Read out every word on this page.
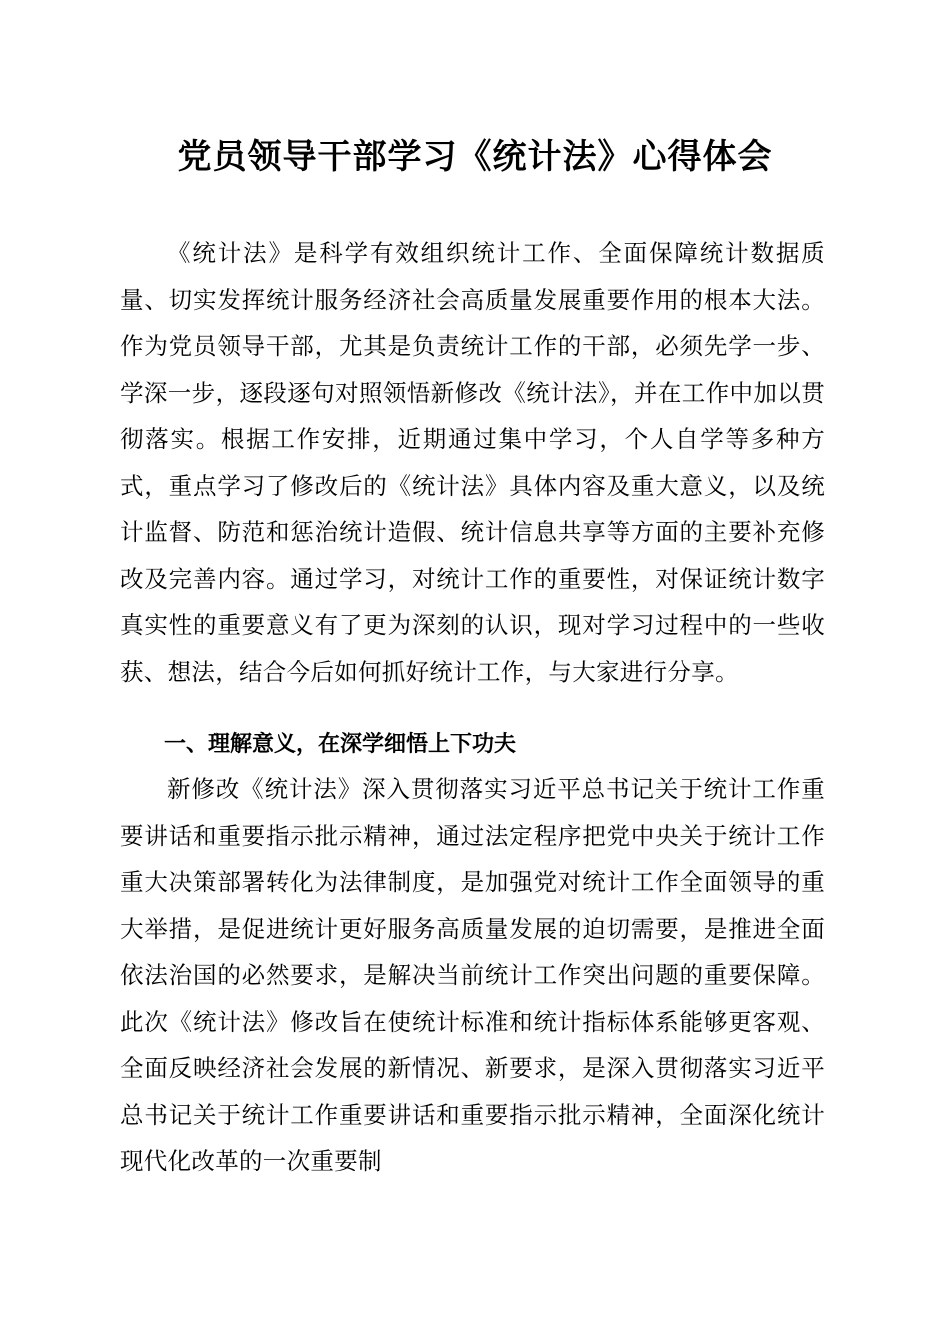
党员领导干部学习《统计法》心得体会

《统计法》是科学有效组织统计工作、全面保障统计数据质量、切实发挥统计服务经济社会高质量发展重要作用的根本大法。作为党员领导干部，尤其是负责统计工作的干部，必须先学一步、学深一步，逐段逐句对照领悟新修改《统计法》，并在工作中加以贯彻落实。根据工作安排，近期通过集中学习，个人自学等多种方式，重点学习了修改后的《统计法》具体内容及重大意义，以及统计监督、防范和惩治统计造假、统计信息共享等方面的主要补充修改及完善内容。通过学习，对统计工作的重要性，对保证统计数字真实性的重要意义有了更为深刻的认识，现对学习过程中的一些收获、想法，结合今后如何抓好统计工作，与大家进行分享。

一、理解意义，在深学细悟上下功夫

新修改《统计法》深入贯彻落实习近平总书记关于统计工作重要讲话和重要指示批示精神，通过法定程序把党中央关于统计工作重大决策部署转化为法律制度，是加强党对统计工作全面领导的重大举措，是促进统计更好服务高质量发展的迫切需要，是推进全面依法治国的必然要求，是解决当前统计工作突出问题的重要保障。此次《统计法》修改旨在使统计标准和统计指标体系能够更客观、全面反映经济社会发展的新情况、新要求，是深入贯彻落实习近平总书记关于统计工作重要讲话和重要指示批示精神，全面深化统计现代化改革的一次重要制
